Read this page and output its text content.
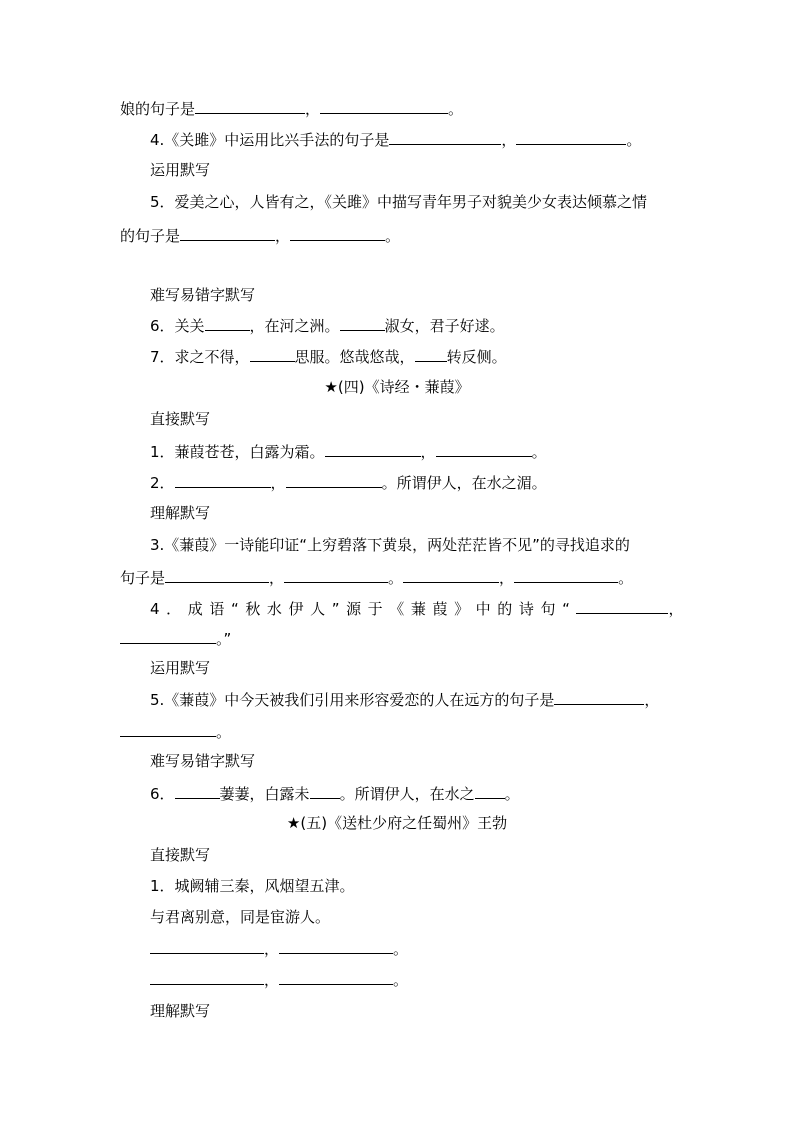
娘的句子是	，	。
4.《关雎》中运用比兴手法的句子是	，	。
运用默写
5．爱美之心，人皆有之，《关雎》中描写青年男子对貌美少女表达倾慕之情
的句子是	，	。
难写易错字默写
6．关关	，在河之洲。	淑女，君子好逑。
7．求之不得，	思服。悠哉悠哉， 转反侧。
★(四)《诗经・蒹葭》
直接默写
1．蒹葭苍苍，白露为霜。	，	。
2．	，	。所谓伊人，在水之湄。
理解默写
3.《蒹葭》一诗能印证“上穷碧落下黄泉，两处茫茫皆不见”的寻找追求的
句子是	，	。	，	。
4．成语“秋水伊人”源于《蒹葭》中的诗句“	，
。”
运用默写
5.《蒹葭》中今天被我们引用来形容爱恋的人在远方的句子是	，
。
难写易错字默写
6．	萋萋，白露未 。所谓伊人，在水之 。
★(五)《送杜少府之任蜀州》王勃
直接默写
1．城阙辅三秦，风烟望五津。
与君离别意，同是宦游人。
，	。
，	。
理解默写
